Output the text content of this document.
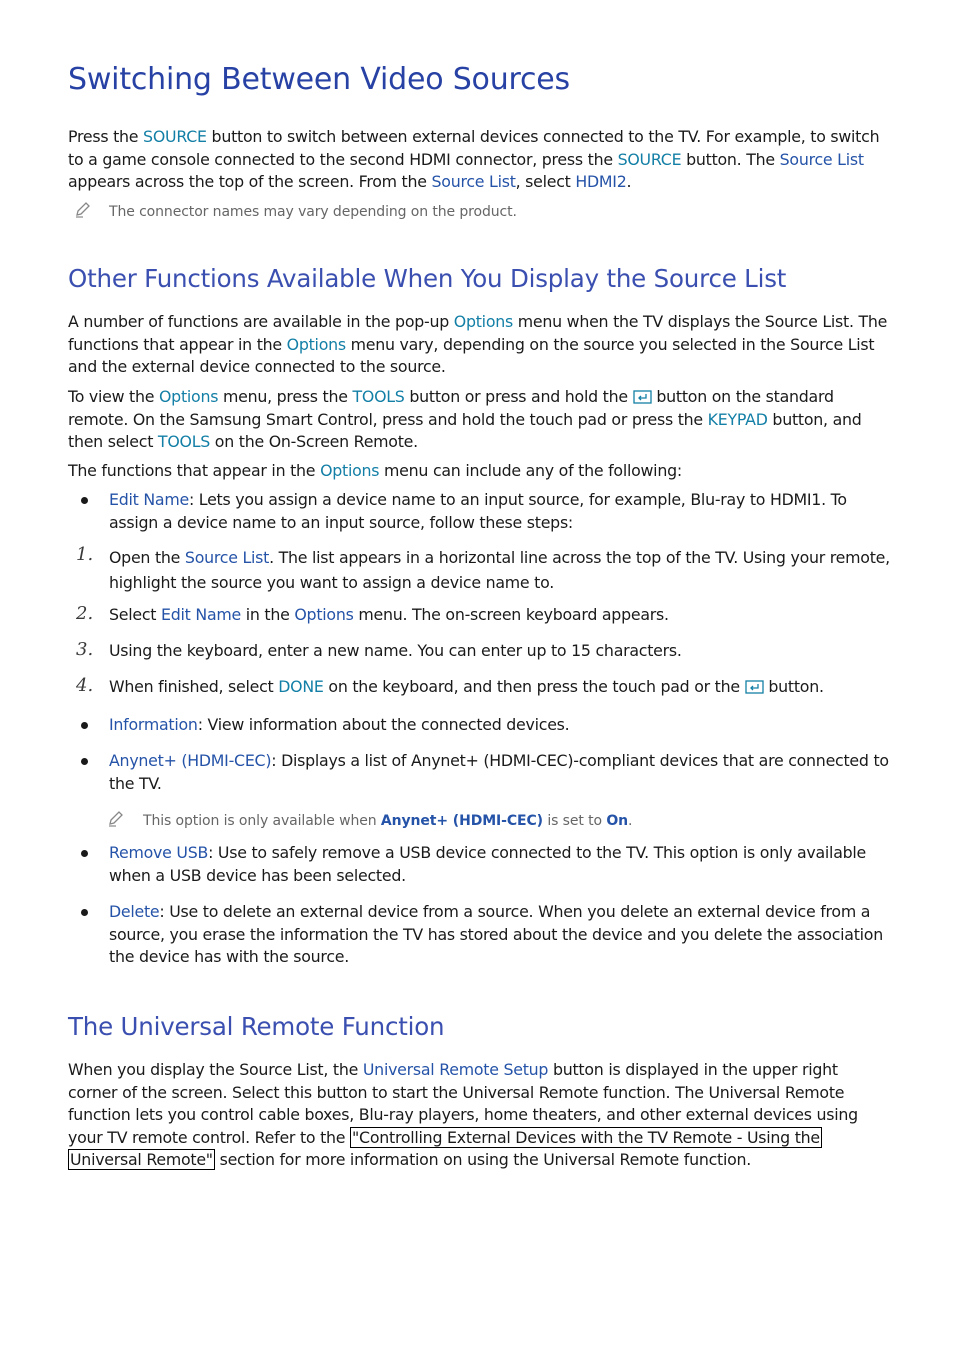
Switching Between Video Sources

Press the SOURCE button to switch between external devices connected to the TV. For example, to switch to a game console connected to the second HDMI connector, press the SOURCE button. The Source List appears across the top of the screen. From the Source List, select HDMI2.

The connector names may vary depending on the product.

Other Functions Available When You Display the Source List

A number of functions are available in the pop-up Options menu when the TV displays the Source List. The functions that appear in the Options menu vary, depending on the source you selected in the Source List and the external device connected to the source.

To view the Options menu, press the TOOLS button or press and hold the  button on the standard remote. On the Samsung Smart Control, press and hold the touch pad or press the KEYPAD button, and then select TOOLS on the On-Screen Remote.

The functions that appear in the Options menu can include any of the following:

Edit Name: Lets you assign a device name to an input source, for example, Blu-ray to HDMI1. To assign a device name to an input source, follow these steps:

1. Open the Source List. The list appears in a horizontal line across the top of the TV. Using your remote, highlight the source you want to assign a device name to.

2. Select Edit Name in the Options menu. The on-screen keyboard appears.

3. Using the keyboard, enter a new name. You can enter up to 15 characters.

4. When finished, select DONE on the keyboard, and then press the touch pad or the  button.

Information: View information about the connected devices.

Anynet+ (HDMI-CEC): Displays a list of Anynet+ (HDMI-CEC)-compliant devices that are connected to the TV.

This option is only available when Anynet+ (HDMI-CEC) is set to On.

Remove USB: Use to safely remove a USB device connected to the TV. This option is only available when a USB device has been selected.

Delete: Use to delete an external device from a source. When you delete an external device from a source, you erase the information the TV has stored about the device and you delete the association the device has with the source.

The Universal Remote Function

When you display the Source List, the Universal Remote Setup button is displayed in the upper right corner of the screen. Select this button to start the Universal Remote function. The Universal Remote function lets you control cable boxes, Blu-ray players, home theaters, and other external devices using your TV remote control. Refer to the "Controlling External Devices with the TV Remote - Using the Universal Remote" section for more information on using the Universal Remote function.
